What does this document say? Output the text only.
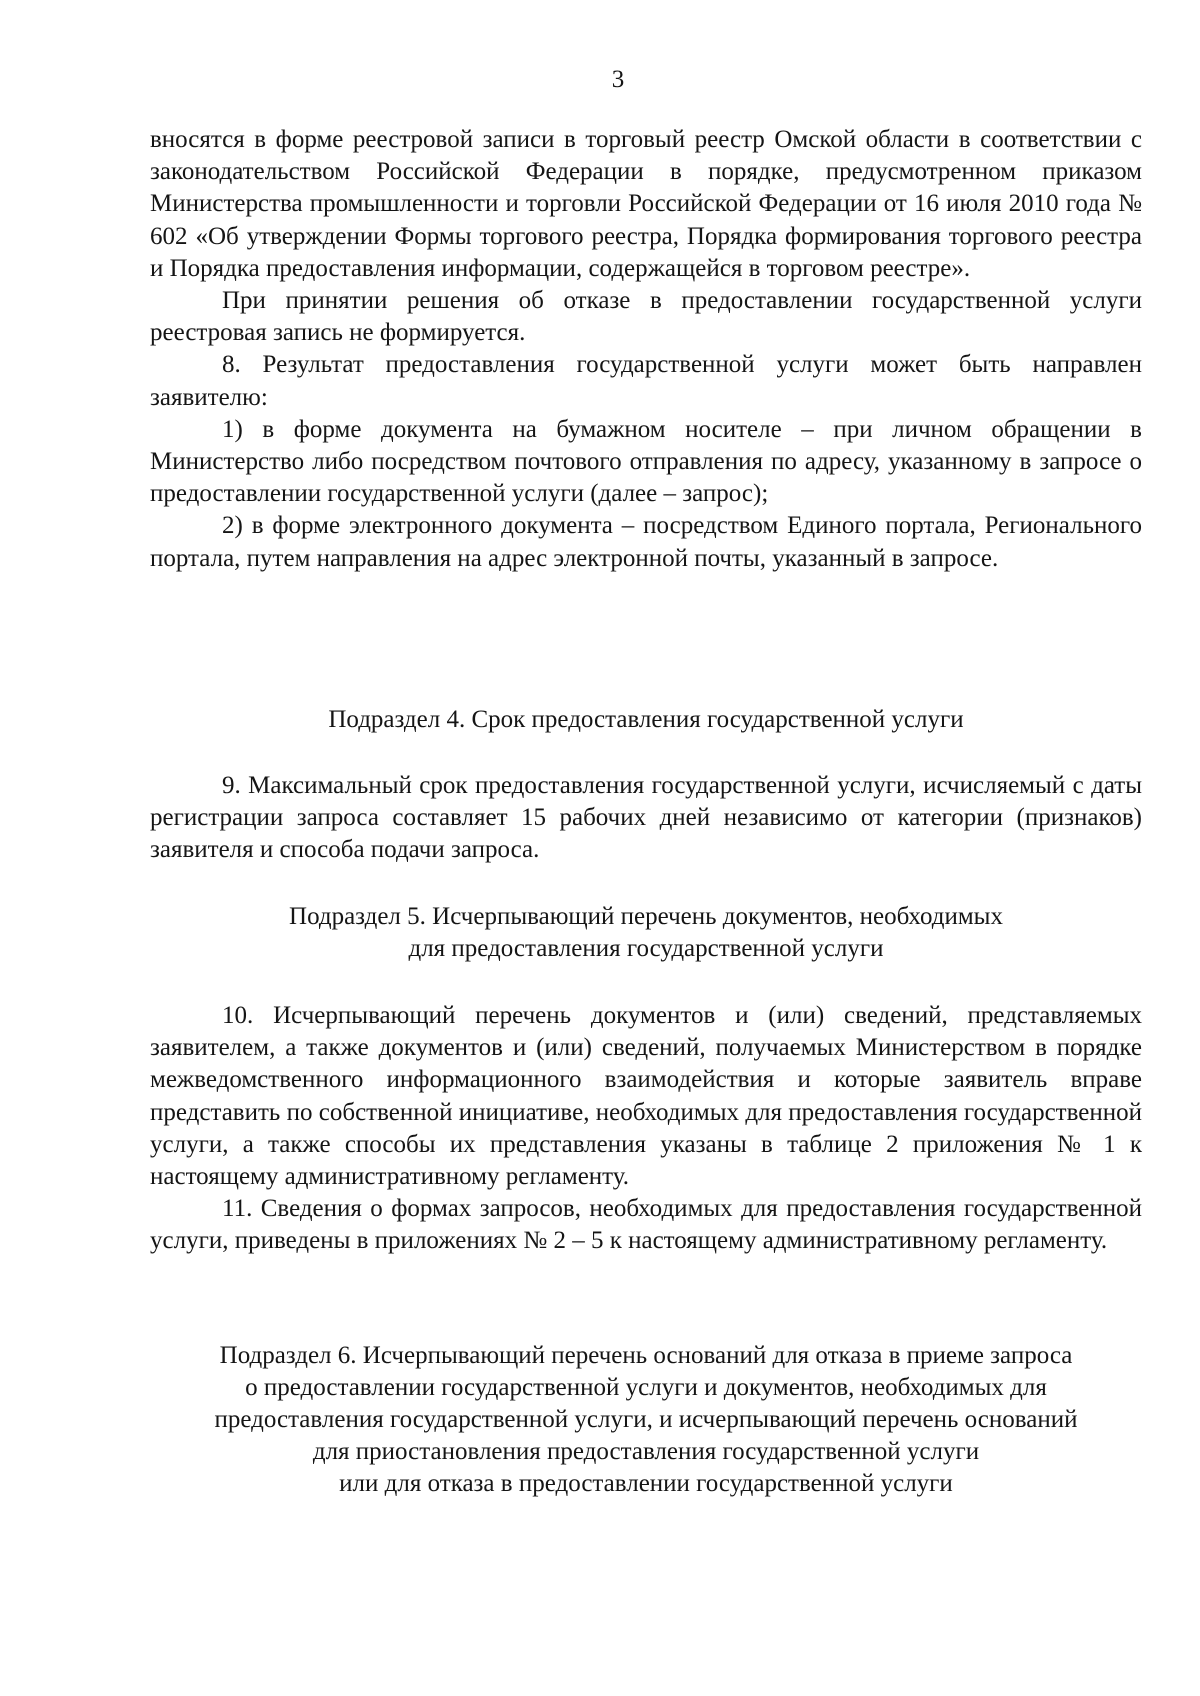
3

вносятся в форме реестровой записи в торговый реестр Омской области в соответствии с законодательством Российской Федерации в порядке, предусмотренном приказом Министерства промышленности и торговли Российской Федерации от 16 июля 2010 года № 602 «Об утверждении Формы торгового реестра, Порядка формирования торгового реестра и Порядка предоставления информации, содержащейся в торговом реестре».

При принятии решения об отказе в предоставлении государственной услуги реестровая запись не формируется.

8. Результат предоставления государственной услуги может быть направлен заявителю:

1) в форме документа на бумажном носителе – при личном обращении в Министерство либо посредством почтового отправления по адресу, указанному в запросе о предоставлении государственной услуги (далее – запрос);

2) в форме электронного документа – посредством Единого портала, Регионального портала, путем направления на адрес электронной почты, указанный в запросе.

Подраздел 4. Срок предоставления государственной услуги

9. Максимальный срок предоставления государственной услуги, исчисляемый с даты регистрации запроса составляет 15 рабочих дней независимо от категории (признаков) заявителя и способа подачи запроса.

Подраздел 5. Исчерпывающий перечень документов, необходимых
для предоставления государственной услуги

10. Исчерпывающий перечень документов и (или) сведений, представляемых заявителем, а также документов и (или) сведений, получаемых Министерством в порядке межведомственного информационного взаимодействия и которые заявитель вправе представить по собственной инициативе, необходимых для предоставления государственной услуги, а также способы их представления указаны в таблице 2 приложения № 1 к настоящему административному регламенту.

11. Сведения о формах запросов, необходимых для предоставления государственной услуги, приведены в приложениях № 2 – 5 к настоящему административному регламенту.

Подраздел 6. Исчерпывающий перечень оснований для отказа в приеме запроса
о предоставлении государственной услуги и документов, необходимых для
предоставления государственной услуги, и исчерпывающий перечень оснований
для приостановления предоставления государственной услуги
или для отказа в предоставлении государственной услуги
